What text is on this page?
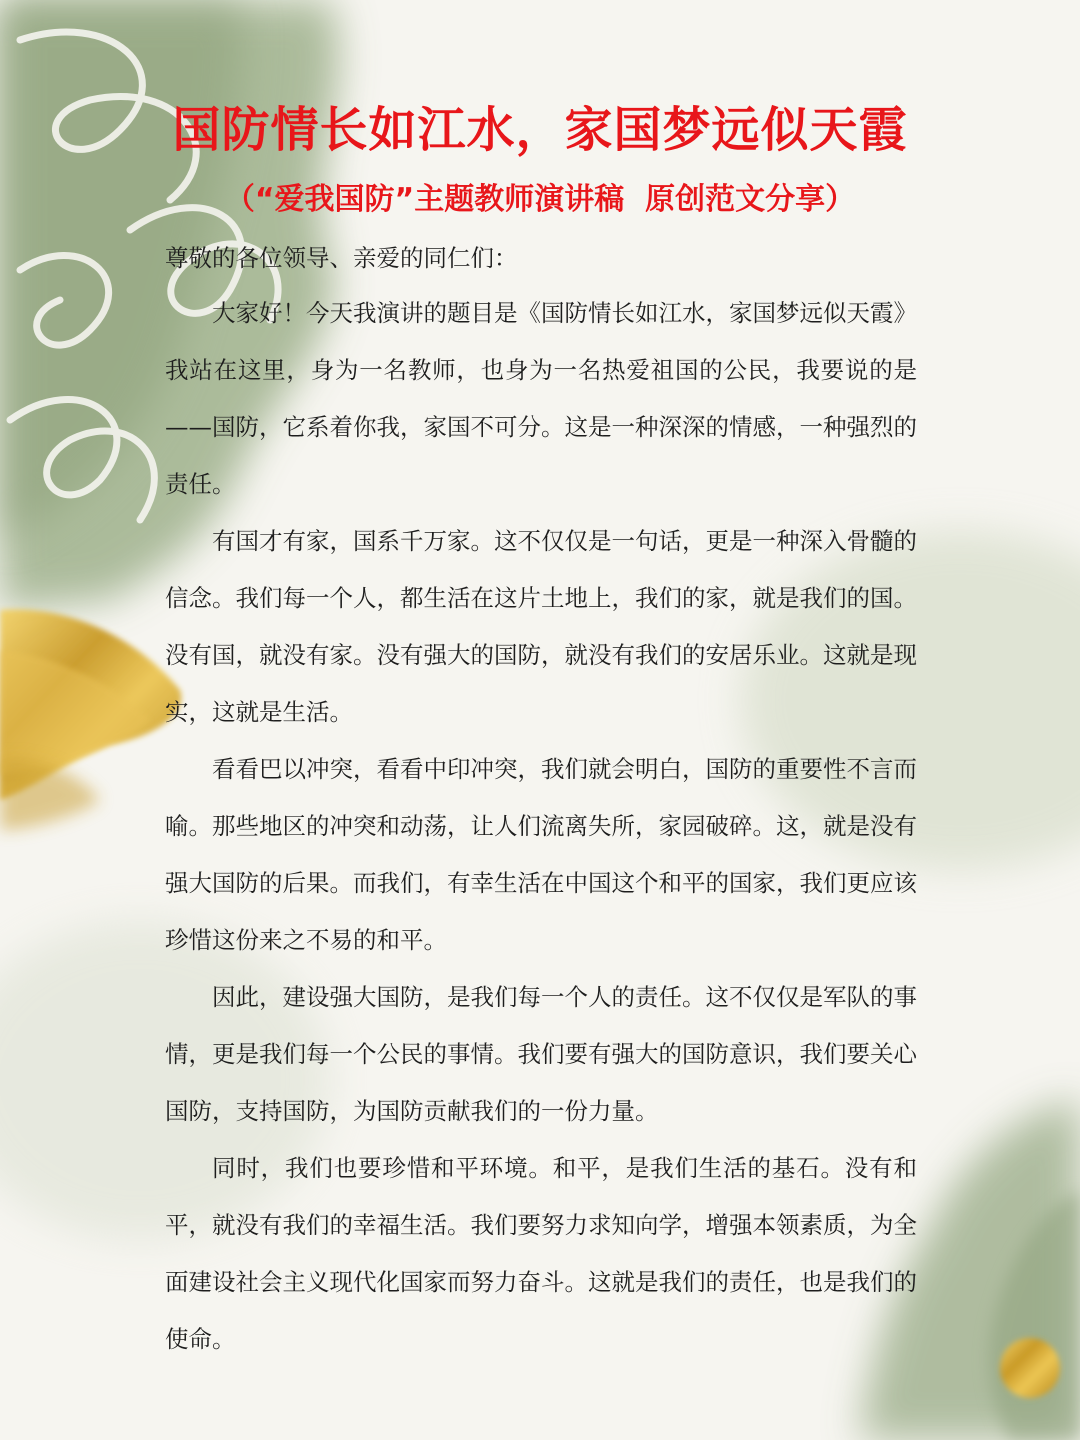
国防情长如江水，家国梦远似天霞
（“爱我国防”主题教师演讲稿  原创范文分享）
尊敬的各位领导、亲爱的同仁们：

大家好！今天我演讲的题目是《国防情长如江水，家国梦远似天霞》我站在这里，身为一名教师，也身为一名热爱祖国的公民，我要说的是——国防，它系着你我，家国不可分。这是一种深深的情感，一种强烈的责任。

有国才有家，国系千万家。这不仅仅是一句话，更是一种深入骨髓的信念。我们每一个人，都生活在这片土地上，我们的家，就是我们的国。没有国，就没有家。没有强大的国防，就没有我们的安居乐业。这就是现实，这就是生活。

看看巴以冲突，看看中印冲突，我们就会明白，国防的重要性不言而喻。那些地区的冲突和动荡，让人们流离失所，家园破碎。这，就是没有强大国防的后果。而我们，有幸生活在中国这个和平的国家，我们更应该珍惜这份来之不易的和平。

因此，建设强大国防，是我们每一个人的责任。这不仅仅是军队的事情，更是我们每一个公民的事情。我们要有强大的国防意识，我们要关心国防，支持国防，为国防贡献我们的一份力量。

同时，我们也要珍惜和平环境。和平，是我们生活的基石。没有和平，就没有我们的幸福生活。我们要努力求知向学，增强本领素质，为全面建设社会主义现代化国家而努力奋斗。这就是我们的责任，也是我们的使命。
